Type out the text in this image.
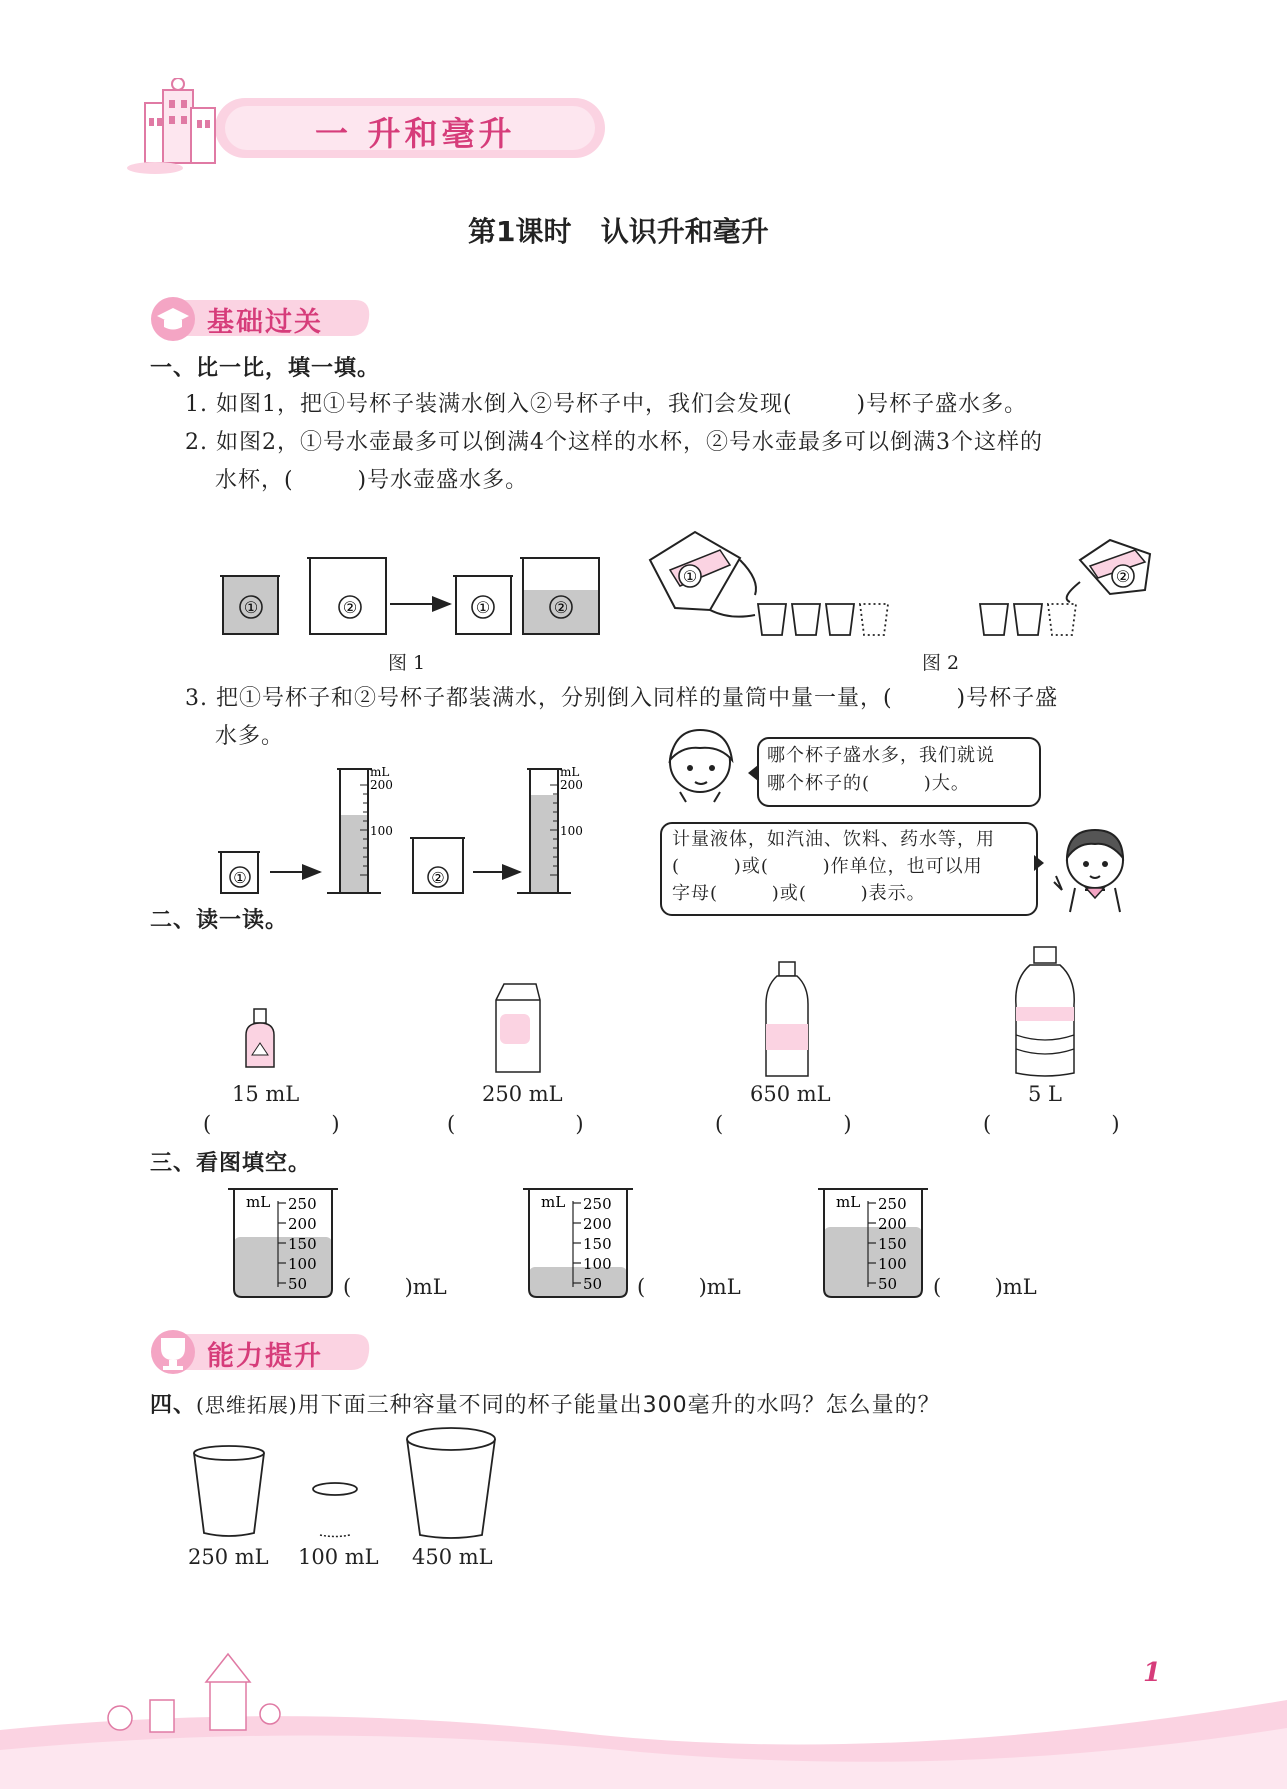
一 升和毫升
第1课时   认识升和毫升
基础过关
一、比一比，填一填。
1. 如图1，把①号杯子装满水倒入②号杯子中，我们会发现(        )号杯子盛水多。
2. 如图2，①号水壶最多可以倒满4个这样的水杯，②号水壶最多可以倒满3个这样的
水杯，(        )号水壶盛水多。
①	②	①	②
图 1
①	②
图 2
3. 把①号杯子和②号杯子都装满水，分别倒入同样的量筒中量一量，(        )号杯子盛
水多。
①
mL
200
100
②
mL
200
100
哪个杯子盛水多，我们就说
哪个杯子的(        )大。
计量液体，如汽油、饮料、药水等，用
(        )或(        )作单位，也可以用
字母(        )或(        )表示。
二、读一读。
15 mL	250 mL	650 mL	5 L
(                  )	(                  )	(                  )	(                  )
三、看图填空。
mL 250
200
150
100
50
mL 250
200
150
100
50
mL 250
200
150
100
50
(        )mL	(        )mL	(        )mL
能力提升
四、(思维拓展)用下面三种容量不同的杯子能量出300毫升的水吗？怎么量的？
250 mL 100 mL 450 mL
1
